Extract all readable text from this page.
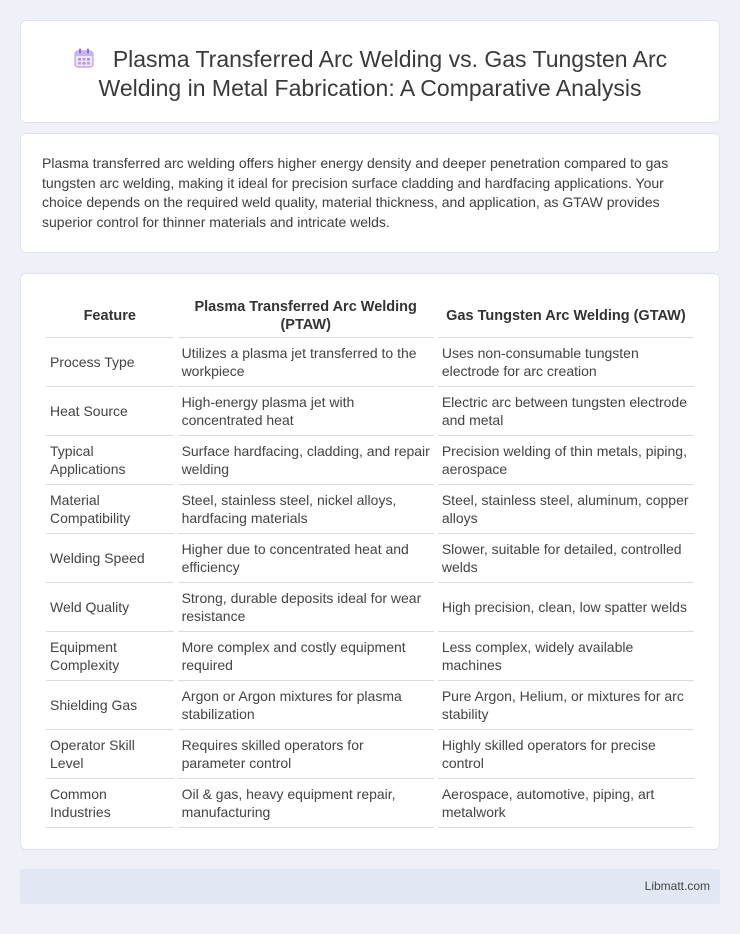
Plasma Transferred Arc Welding vs. Gas Tungsten Arc Welding in Metal Fabrication: A Comparative Analysis

Plasma transferred arc welding offers higher energy density and deeper penetration compared to gas tungsten arc welding, making it ideal for precision surface cladding and hardfacing applications. Your choice depends on the required weld quality, material thickness, and application, as GTAW provides superior control for thinner materials and intricate welds.

Feature	Plasma Transferred Arc Welding (PTAW)	Gas Tungsten Arc Welding (GTAW)
Process Type	Utilizes a plasma jet transferred to the workpiece	Uses non-consumable tungsten electrode for arc creation
Heat Source	High-energy plasma jet with concentrated heat	Electric arc between tungsten electrode and metal
Typical Applications	Surface hardfacing, cladding, and repair welding	Precision welding of thin metals, piping, aerospace
Material Compatibility	Steel, stainless steel, nickel alloys, hardfacing materials	Steel, stainless steel, aluminum, copper alloys
Welding Speed	Higher due to concentrated heat and efficiency	Slower, suitable for detailed, controlled welds
Weld Quality	Strong, durable deposits ideal for wear resistance	High precision, clean, low spatter welds
Equipment Complexity	More complex and costly equipment required	Less complex, widely available machines
Shielding Gas	Argon or Argon mixtures for plasma stabilization	Pure Argon, Helium, or mixtures for arc stability
Operator Skill Level	Requires skilled operators for parameter control	Highly skilled operators for precise control
Common Industries	Oil & gas, heavy equipment repair, manufacturing	Aerospace, automotive, piping, art metalwork
Libmatt.com
